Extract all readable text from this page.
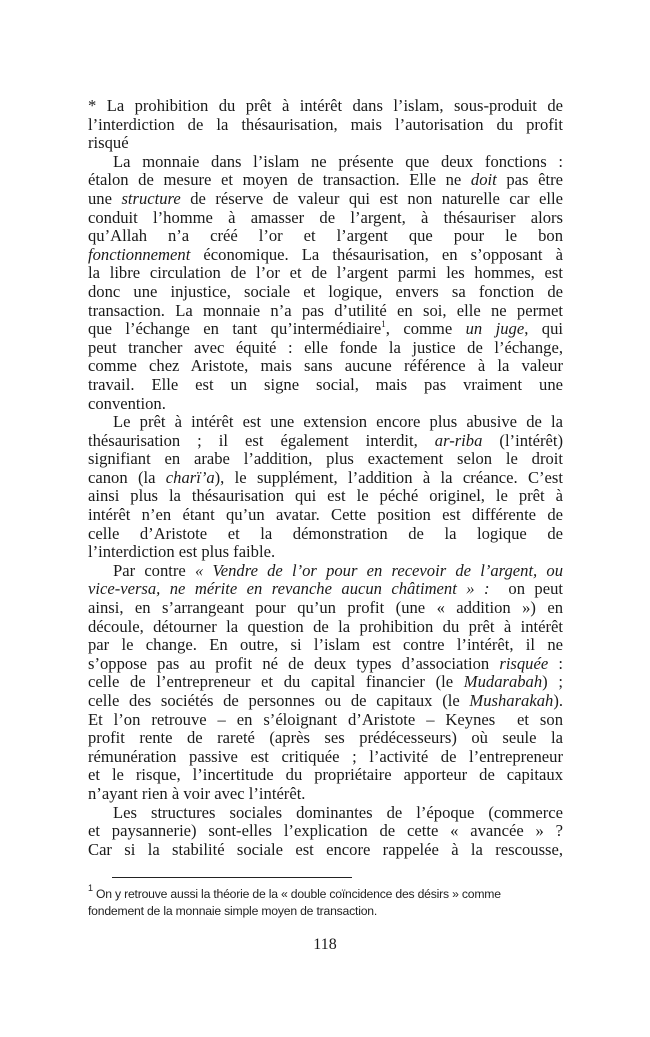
* La prohibition du prêt à intérêt dans l’islam, sous-produit de
l’interdiction de la thésaurisation, mais l’autorisation du profit
risqué
La monnaie dans l’islam ne présente que deux fonctions :
étalon de mesure et moyen de transaction. Elle ne doit pas être
une structure de réserve de valeur qui est non naturelle car elle
conduit l’homme à amasser de l’argent, à thésauriser alors
qu’Allah n’a créé l’or et l’argent que pour le bon
fonctionnement économique. La thésaurisation, en s’opposant à
la libre circulation de l’or et de l’argent parmi les hommes, est
donc une injustice, sociale et logique, envers sa fonction de
transaction. La monnaie n’a pas d’utilité en soi, elle ne permet
que l’échange en tant qu’intermédiaire$^1$, comme un juge, qui
peut trancher avec équité : elle fonde la justice de l’échange,
comme chez Aristote, mais sans aucune référence à la valeur
travail. Elle est un signe social, mais pas vraiment une
convention.
Le prêt à intérêt est une extension encore plus abusive de la
thésaurisation ; il est également interdit, ar-riba (l’intérêt)
signifiant en arabe l’addition, plus exactement selon le droit
canon (la charï’a), le supplément, l’addition à la créance. C’est
ainsi plus la thésaurisation qui est le péché originel, le prêt à
intérêt n’en étant qu’un avatar. Cette position est différente de
celle d’Aristote et la démonstration de la logique de
l’interdiction est plus faible.
Par contre « Vendre de l’or pour en recevoir de l’argent, ou
vice-versa, ne mérite en revanche aucun châtiment » :  on peut
ainsi, en s’arrangeant pour qu’un profit (une « addition ») en
découle, détourner la question de la prohibition du prêt à intérêt
par le change. En outre, si l’islam est contre l’intérêt, il ne
s’oppose pas au profit né de deux types d’association risquée :
celle de l’entrepreneur et du capital financier (le Mudarabah) ;
celle des sociétés de personnes ou de capitaux (le Musharakah).
Et l’on retrouve – en s’éloignant d’Aristote – Keynes  et son
profit rente de rareté (après ses prédécesseurs) où seule la
rémunération passive est critiquée ; l’activité de l’entrepreneur
et le risque, l’incertitude du propriétaire apporteur de capitaux
n’ayant rien à voir avec l’intérêt.
Les structures sociales dominantes de l’époque (commerce
et paysannerie) sont-elles l’explication de cette « avancée » ?
Car si la stabilité sociale est encore rappelée à la rescousse,
$^1$ On y retrouve aussi la théorie de la « double coïncidence des désirs » comme
fondement de la monnaie simple moyen de transaction.
118
